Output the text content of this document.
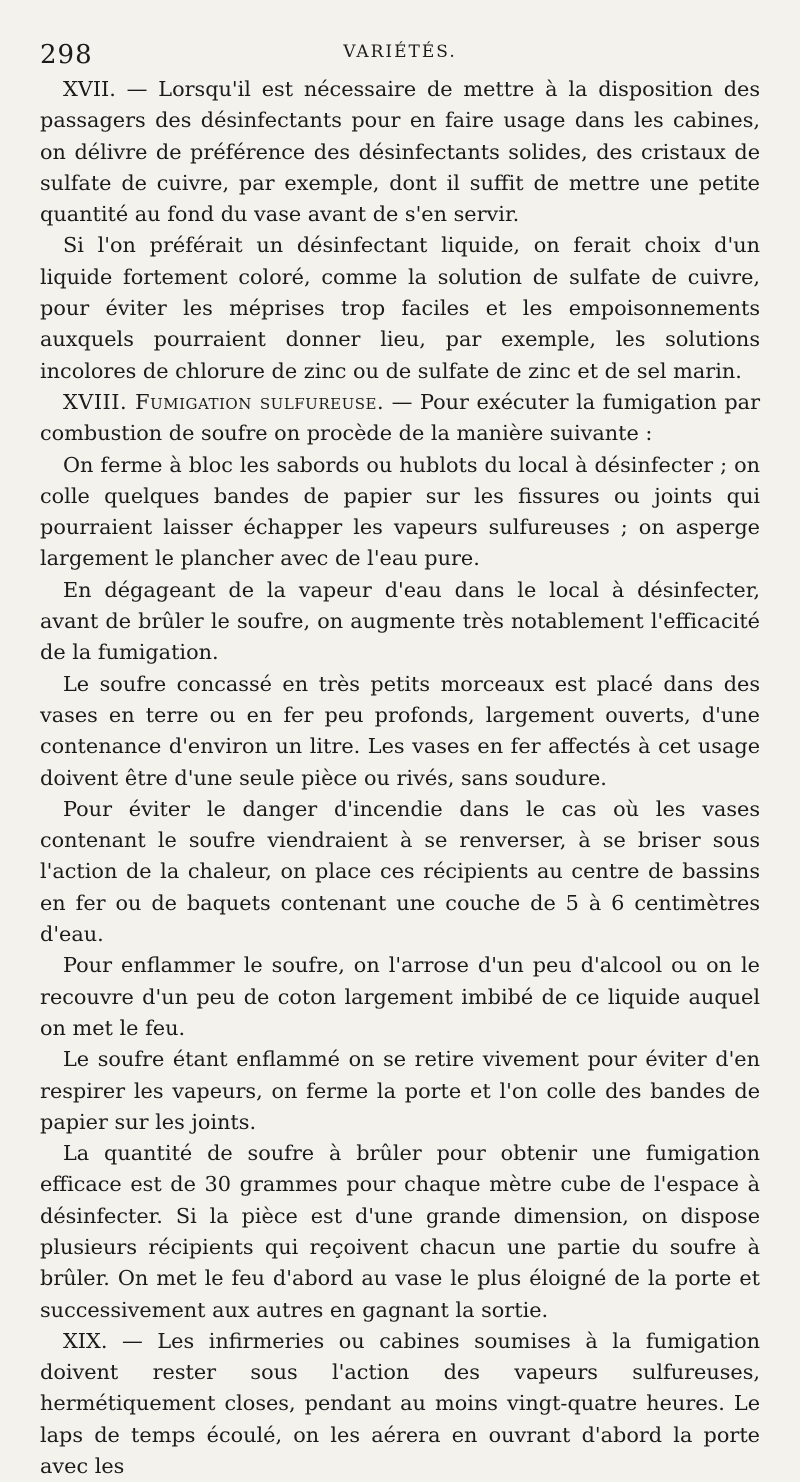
298	VARIÉTÉS.

XVII. — Lorsqu'il est nécessaire de mettre à la disposition des passagers des désinfectants pour en faire usage dans les cabines, on délivre de préférence des désinfectants solides, des cristaux de sulfate de cuivre, par exemple, dont il suffit de mettre une petite quantité au fond du vase avant de s'en servir.

Si l'on préférait un désinfectant liquide, on ferait choix d'un liquide fortement coloré, comme la solution de sulfate de cuivre, pour éviter les méprises trop faciles et les empoisonnements auxquels pourraient donner lieu, par exemple, les solutions incolores de chlorure de zinc ou de sulfate de zinc et de sel marin.

XVIII. Fumigation sulfureuse. — Pour exécuter la fumigation par combustion de soufre on procède de la manière suivante :

On ferme à bloc les sabords ou hublots du local à désinfecter ; on colle quelques bandes de papier sur les fissures ou joints qui pourraient laisser échapper les vapeurs sulfureuses ; on asperge largement le plancher avec de l'eau pure.

En dégageant de la vapeur d'eau dans le local à désinfecter, avant de brûler le soufre, on augmente très notablement l'efficacité de la fumigation.

Le soufre concassé en très petits morceaux est placé dans des vases en terre ou en fer peu profonds, largement ouverts, d'une contenance d'environ un litre. Les vases en fer affectés à cet usage doivent être d'une seule pièce ou rivés, sans soudure.

Pour éviter le danger d'incendie dans le cas où les vases contenant le soufre viendraient à se renverser, à se briser sous l'action de la chaleur, on place ces récipients au centre de bassins en fer ou de baquets contenant une couche de 5 à 6 centimètres d'eau.

Pour enflammer le soufre, on l'arrose d'un peu d'alcool ou on le recouvre d'un peu de coton largement imbibé de ce liquide auquel on met le feu.

Le soufre étant enflammé on se retire vivement pour éviter d'en respirer les vapeurs, on ferme la porte et l'on colle des bandes de papier sur les joints.

La quantité de soufre à brûler pour obtenir une fumigation efficace est de 30 grammes pour chaque mètre cube de l'espace à désinfecter. Si la pièce est d'une grande dimension, on dispose plusieurs récipients qui reçoivent chacun une partie du soufre à brûler. On met le feu d'abord au vase le plus éloigné de la porte et successivement aux autres en gagnant la sortie.

XIX. — Les infirmeries ou cabines soumises à la fumigation doivent rester sous l'action des vapeurs sulfureuses, hermétiquement closes, pendant au moins vingt-quatre heures. Le laps de temps écoulé, on les aérera en ouvrant d'abord la porte avec les
